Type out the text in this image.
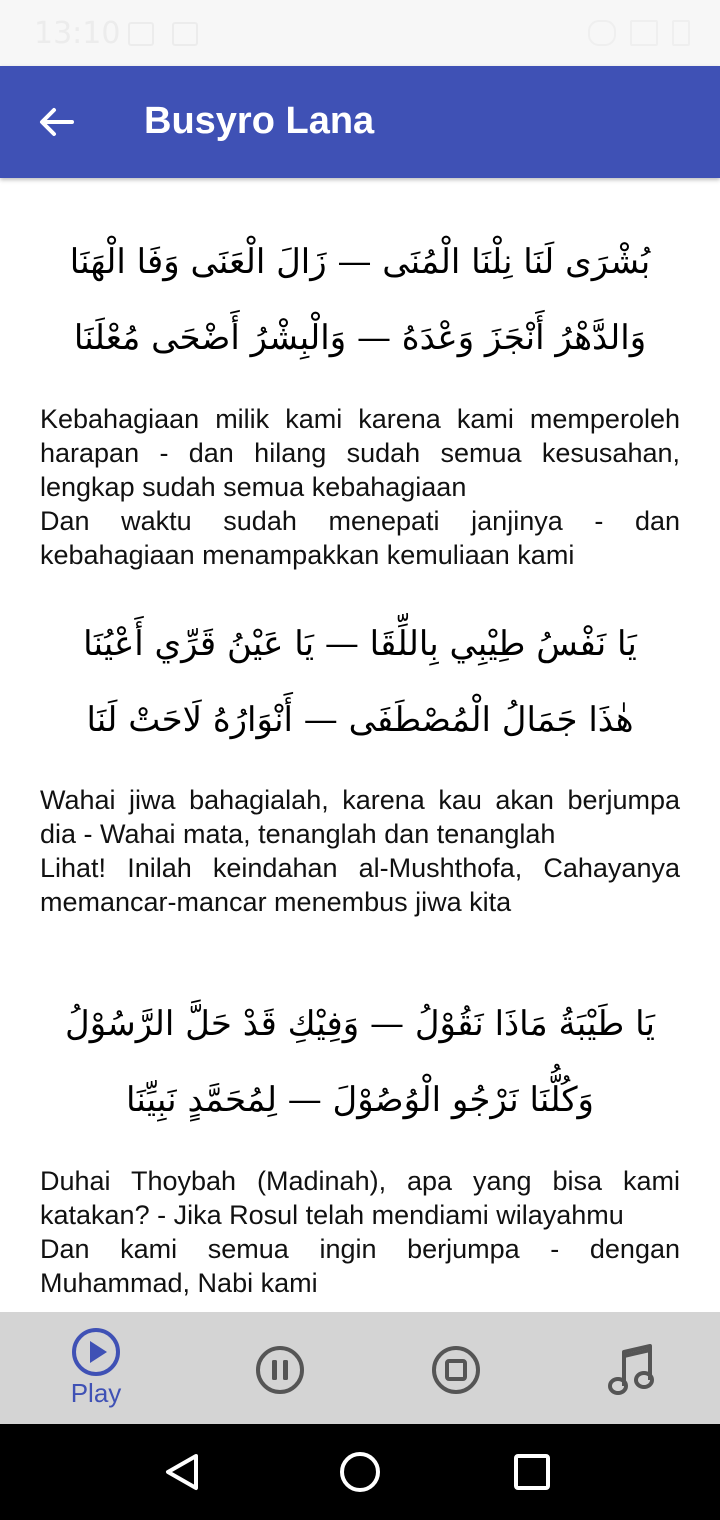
13:10
Busyro Lana
بُشْرَى لَنَا نِلْنَا الْمُنَى — زَالَ الْعَنَى وَفَا الْهَنَا
وَالدَّهْرُ أَنْجَزَ وَعْدَهُ — وَالْبِشْرُ أَضْحَى مُعْلَنَا

Kebahagiaan milik kami karena kami memperoleh harapan - dan hilang sudah semua kesusahan, lengkap sudah semua kebahagiaan

Dan waktu sudah menepati janjinya - dan kebahagiaan menampakkan kemuliaan kami

يَا نَفْسُ طِيْبِي بِاللِّقَا — يَا عَيْنُ قَرِّي أَعْيُنَا
هٰذَا جَمَالُ الْمُصْطَفَى — أَنْوَارُهُ لَاحَتْ لَنَا

Wahai jiwa bahagialah, karena kau akan berjumpa dia - Wahai mata, tenanglah dan tenanglah

Lihat! Inilah keindahan al-Mushthofa, Cahayanya memancar-mancar menembus jiwa kita

يَا طَيْبَةُ مَاذَا نَقُوْلُ — وَفِيْكِ قَدْ حَلَّ الرَّسُوْلُ
وَكُلُّنَا نَرْجُو الْوُصُوْلَ — لِمُحَمَّدٍ نَبِيِّنَا

Duhai Thoybah (Madinah), apa yang bisa kami katakan? - Jika Rosul telah mendiami wilayahmu

Dan kami semua ingin berjumpa - dengan Muhammad, Nabi kami

Play
